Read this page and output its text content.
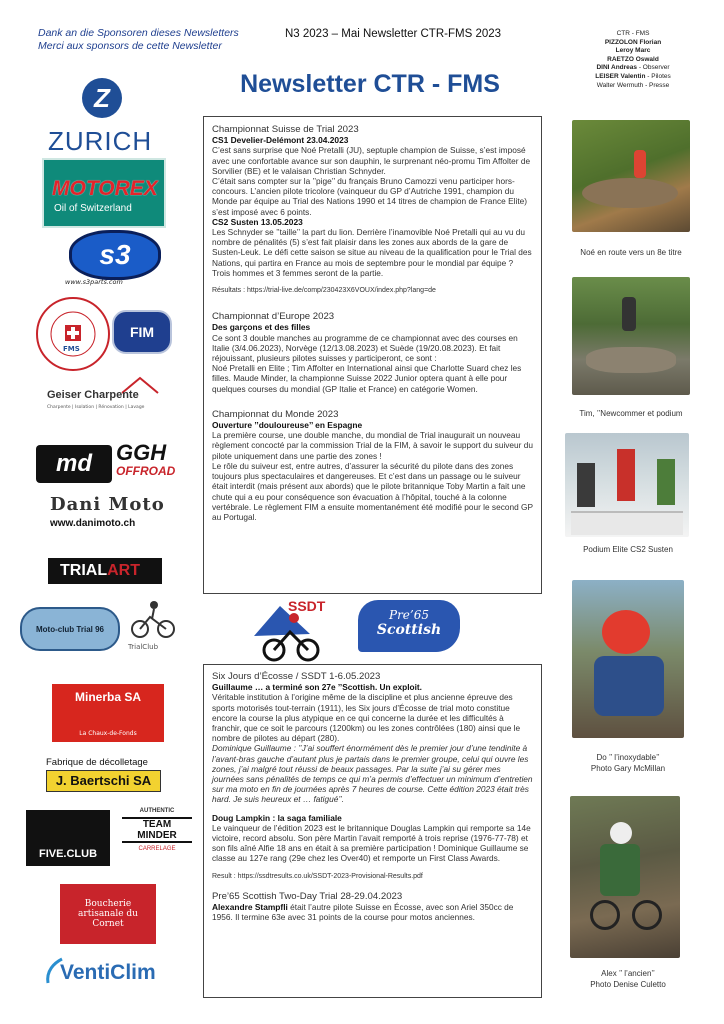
Dank an die Sponsoren dieses Newsletters
Merci aux sponsors de cette Newsletter
N3 2023 – Mai Newsletter CTR-FMS 2023	CTR - FMS
PIZZOLON Florian
Leroy Marc
RAETZO Oswald
DINI Andreas - Observer
LEISER Valentin - Pilotes
Walter Wermuth - Presse
Newsletter CTR - FMS
Z
ZURICH
MOTOREX
Oil of Switzerland
s3
www.s3parts.com
FMS
FIM
Geiser Charpente
Charpente | Isolation | Rénovation | Lavage
md	GGH
OFFROAD
Dani Moto
www.danimoto.ch
TRIALART
Moto-club Trial 96
TrialClub
Minerba SA
La Chaux-de-Fonds
Fabrique de décolletage
J. Baertschi SA
FIVE.CLUB
AUTHENTIC
TEAM MINDER
CARRELAGE
Boucherie artisanale du Cornet
VentiClim
Championnat Suisse de Trial 2023
CS1 Develier-Delémont 23.04.2023

C’est sans surprise que Noé Pretalli (JU), septuple champion de Suisse, s’est imposé avec une confortable avance sur son dauphin, le surprenant néo-promu Tim Affolter de Sorvilier (BE) et le valaisan Christian Schnyder.

C’était sans compter sur la ’’pige’’ du français Bruno Camozzi venu participer hors-concours. L’ancien pilote tricolore (vainqueur du GP d’Autriche 1991, champion du Monde par équipe au Trial des Nations 1990 et 14 titres de champion de France Elite) s’est imposé avec 6 points.

CS2 Susten 13.05.2023

Les Schnyder se ’’taille’’ la part du lion. Derrière l’inamovible Noé Pretalli qui au vu du nombre de pénalités (5) s’est fait plaisir dans les zones aux abords de la gare de Susten-Leuk. Le défi cette saison se situe au niveau de la qualification pour le Trial des Nations, qui partira en France au mois de septembre pour le mondial par équipe ? Trois hommes et 3 femmes seront de la partie.

Résultats : https://trial-live.de/comp/230423X6VOUX/index.php?lang=de

Championnat d’Europe 2023
Des garçons et des filles

Ce sont 3 double manches au programme de ce championnat avec des courses en Italie (3/4.06.2023), Norvège (12/13.08.2023) et Suède (19/20.08.2023). Et fait réjouissant, plusieurs pilotes suisses y participeront, ce sont :

Noé Pretalli en Elite ; Tim Affolter en International ainsi que Charlotte Suard chez les filles. Maude Minder, la championne Suisse 2022 Junior optera quant à elle pour quelques courses du mondial (GP Italie et France) en catégorie Women.

Championnat du Monde 2023
Ouverture ’’douloureuse’’ en Espagne

La première course, une double manche, du mondial de Trial inaugurait un nouveau règlement concocté par la commission Trial de la FIM, à savoir le support du suiveur du pilote uniquement dans une partie des zones !

Le rôle du suiveur est, entre autres, d’assurer la sécurité du pilote dans des zones toujours plus spectaculaires et dangereuses. Et c’est dans un passage ou le suiveur était interdit (mais présent aux abords) que le pilote britannique Toby Martin a fait une chute qui a eu pour conséquence son évacuation à l’hôpital, touché à la colonne vertébrale. Le règlement FIM a ensuite momentanément été modifié pour le second GP au Portugal.

SSDT
Pre’65
Scottish
Six Jours d’Écosse / SSDT 1-6.05.2023

Guillaume … a terminé son 27e ’’Scottish. Un exploit.

Véritable institution à l’origine même de la discipline et plus ancienne épreuve des sports motorisés tout-terrain (1911), les Six jours d’Écosse de trial moto constitue encore la course la plus atypique en ce qui concerne la durée et les difficultés à franchir, que ce soit le parcours (1200km) ou les zones contrôlées (180) ainsi que le nombre de pilotes au départ (280).

Dominique Guillaume : ’’J’ai souffert énormément dès le premier jour d’une tendinite à l’avant-bras gauche d’autant plus je partais dans le premier groupe, celui qui ouvre les zones, j’ai malgré tout réussi de beaux passages. Par la suite j’ai su gérer mes journées sans pénalités de temps ce qui m’a permis d’effectuer un minimum d’entretien sur ma moto en fin de journées après 7 heures de course. Cette édition 2023 était très hard. Je suis heureux et … fatigué’’.

Doug Lampkin : la saga familiale

Le vainqueur de l’édition 2023 est le britannique Douglas Lampkin qui remporte sa 14e victoire, record absolu. Son père Martin l’avait remporté à trois reprise (1976-77-78) et son fils aîné Alfie 18 ans en était à sa première participation ! Dominique Guillaume se classe au 127e rang (29e chez les Over40) et remporte un First Class Awards.

Result : https://ssdtresults.co.uk/SSDT-2023-Provisional-Results.pdf

Pre’65 Scottish Two-Day Trial 28-29.04.2023

Alexandre Stampfli était l’autre pilote Suisse en Écosse, avec son Ariel 350cc de 1956. Il termine 63e avec 31 points de la course pour motos anciennes.

Noé en route vers un 8e titre
Tim, ’’Newcommer et podium
Podium Elite CS2 Susten
Do ’’ l’inoxydable’’
Photo Gary McMillan
Alex ’’ l’ancien’’
Photo Denise Culetto
